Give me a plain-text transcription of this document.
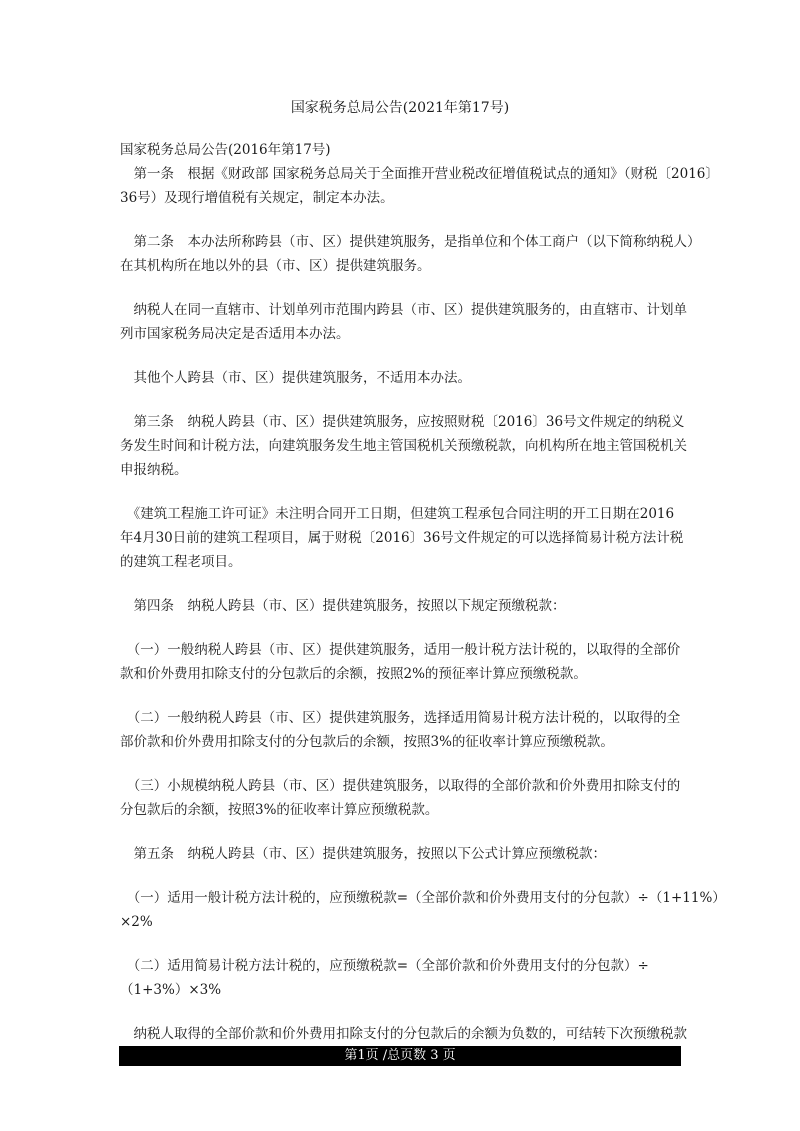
国家税务总局公告(2021年第17号)

国家税务总局公告(2016年第17号)

　第一条　根据《财政部 国家税务总局关于全面推开营业税改征增值税试点的通知》（财税〔2016〕
36号）及现行增值税有关规定，制定本办法。

　第二条　本办法所称跨县（市、区）提供建筑服务，是指单位和个体工商户（以下简称纳税人）
在其机构所在地以外的县（市、区）提供建筑服务。

　纳税人在同一直辖市、计划单列市范围内跨县（市、区）提供建筑服务的，由直辖市、计划单
列市国家税务局决定是否适用本办法。

　其他个人跨县（市、区）提供建筑服务，不适用本办法。

　第三条　纳税人跨县（市、区）提供建筑服务，应按照财税〔2016〕36号文件规定的纳税义
务发生时间和计税方法，向建筑服务发生地主管国税机关预缴税款，向机构所在地主管国税机关
申报纳税。

　《建筑工程施工许可证》未注明合同开工日期，但建筑工程承包合同注明的开工日期在2016
年4月30日前的建筑工程项目，属于财税〔2016〕36号文件规定的可以选择简易计税方法计税
的建筑工程老项目。

　第四条　纳税人跨县（市、区）提供建筑服务，按照以下规定预缴税款：

　（一）一般纳税人跨县（市、区）提供建筑服务，适用一般计税方法计税的，以取得的全部价
款和价外费用扣除支付的分包款后的余额，按照2%的预征率计算应预缴税款。

　（二）一般纳税人跨县（市、区）提供建筑服务，选择适用简易计税方法计税的，以取得的全
部价款和价外费用扣除支付的分包款后的余额，按照3%的征收率计算应预缴税款。

　（三）小规模纳税人跨县（市、区）提供建筑服务，以取得的全部价款和价外费用扣除支付的
分包款后的余额，按照3%的征收率计算应预缴税款。

　第五条　纳税人跨县（市、区）提供建筑服务，按照以下公式计算应预缴税款：

　（一）适用一般计税方法计税的，应预缴税款=（全部价款和价外费用支付的分包款）÷（1+11%）
×2%

　（二）适用简易计税方法计税的，应预缴税款=（全部价款和价外费用支付的分包款）÷
（1+3%）×3%

　纳税人取得的全部价款和价外费用扣除支付的分包款后的余额为负数的，可结转下次预缴税款

第1页 /总页数 3 页
